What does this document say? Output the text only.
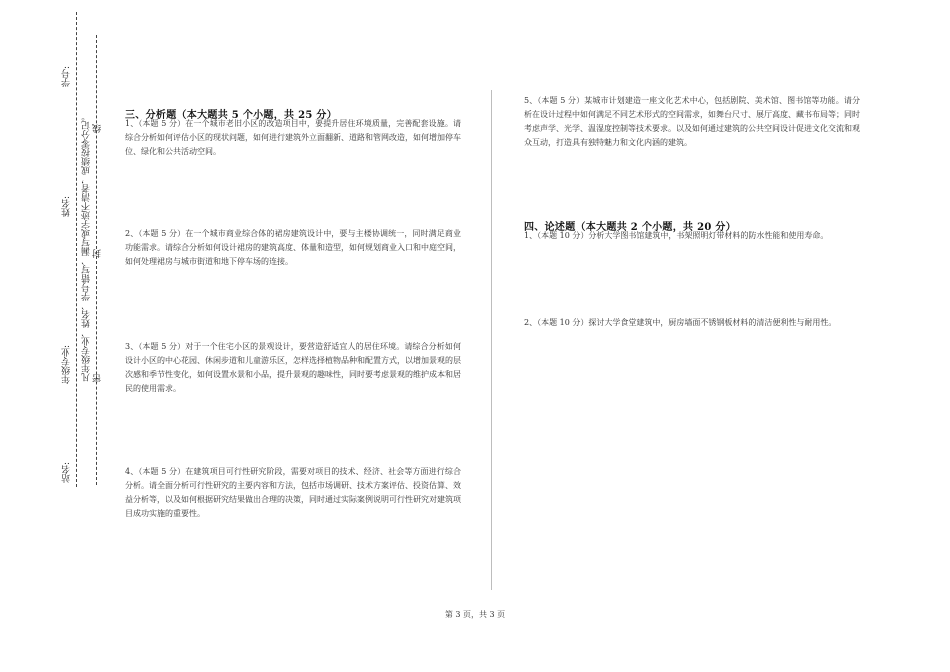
学号:
姓名:
年级专业:
站名:
凡年级专业、姓名、学号错写、漏写或字迹不清者，成绩按零分记。 线
封
密
三、分析题（本大题共 5 个小题，共 25 分）
1、（本题 5 分）在一个城市老旧小区的改造项目中，要提升居住环境质量，完善配套设施。请综合分析如何评估小区的现状问题，如何进行建筑外立面翻新、道路和管网改造，如何增加停车位、绿化和公共活动空间。
2、（本题 5 分）在一个城市商业综合体的裙房建筑设计中，要与主楼协调统一，同时满足商业功能需求。请综合分析如何设计裙房的建筑高度、体量和造型，如何规划商业入口和中庭空间，如何处理裙房与城市街道和地下停车场的连接。
3、（本题 5 分）对于一个住宅小区的景观设计，要营造舒适宜人的居住环境。请综合分析如何设计小区的中心花园、休闲步道和儿童游乐区，怎样选择植物品种和配置方式，以增加景观的层次感和季节性变化，如何设置水景和小品，提升景观的趣味性，同时要考虑景观的维护成本和居民的使用需求。
4、（本题 5 分）在建筑项目可行性研究阶段，需要对项目的技术、经济、社会等方面进行综合分析。请全面分析可行性研究的主要内容和方法，包括市场调研、技术方案评估、投资估算、效益分析等，以及如何根据研究结果做出合理的决策，同时通过实际案例说明可行性研究对建筑项目成功实施的重要性。
5、（本题 5 分）某城市计划建造一座文化艺术中心，包括剧院、美术馆、图书馆等功能。请分析在设计过程中如何满足不同艺术形式的空间需求，如舞台尺寸、展厅高度、藏书布局等；同时考虑声学、光学、温湿度控制等技术要求。以及如何通过建筑的公共空间设计促进文化交流和观众互动，打造具有独特魅力和文化内涵的建筑。
四、论述题（本大题共 2 个小题，共 20 分）
1、（本题 10 分）分析大学图书馆建筑中，书架照明灯带材料的防水性能和使用寿命。
2、（本题 10 分）探讨大学食堂建筑中，厨房墙面不锈钢板材料的清洁便利性与耐用性。
第 3 页，共 3 页
